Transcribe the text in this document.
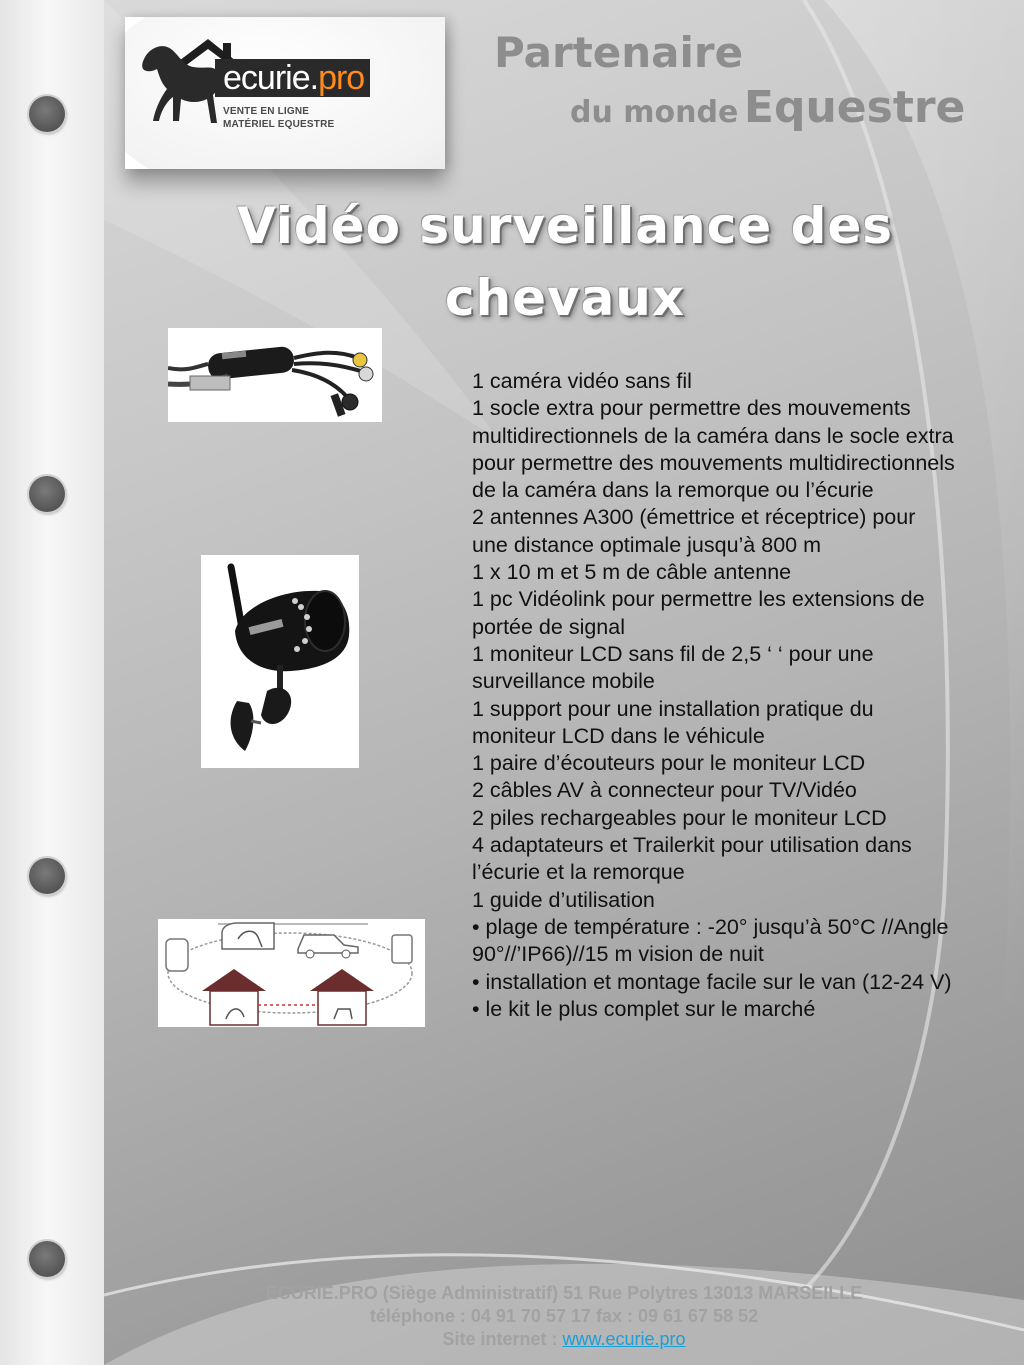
ecurie.pro
VENTE EN LIGNE
MATÉRIEL EQUESTRE
Partenaire
du monde Equestre
Vidéo surveillance des
chevaux
1 caméra vidéo sans fil
1 socle extra pour permettre des mouvements multidirectionnels de la caméra dans le socle extra pour permettre des mouvements multidirectionnels de la caméra dans la remorque ou l’écurie
2 antennes A300 (émettrice et réceptrice) pour une distance optimale jusqu’à 800 m
1 x 10 m et 5 m de câble antenne
1 pc Vidéolink pour permettre les extensions de portée de signal
1 moniteur LCD sans fil de 2,5 ‘ ‘ pour une surveillance mobile
1 support pour une installation pratique du moniteur LCD dans le véhicule
1 paire d’écouteurs pour le moniteur LCD
2 câbles AV à connecteur pour TV/Vidéo
2 piles rechargeables pour le moniteur LCD
4 adaptateurs et Trailerkit pour utilisation dans l’écurie et la remorque
1 guide d’utilisation
• plage de température : -20° jusqu’à 50°C //Angle 90°//’IP66)//15 m vision de nuit
• installation et montage facile sur le van (12-24 V)
• le kit le plus complet sur le marché
ECURIE.PRO (Siège Administratif) 51 Rue Polytres 13013 MARSEILLE
téléphone : 04 91 70 57 17 fax : 09 61 67 58 52
Site internet : www.ecurie.pro
